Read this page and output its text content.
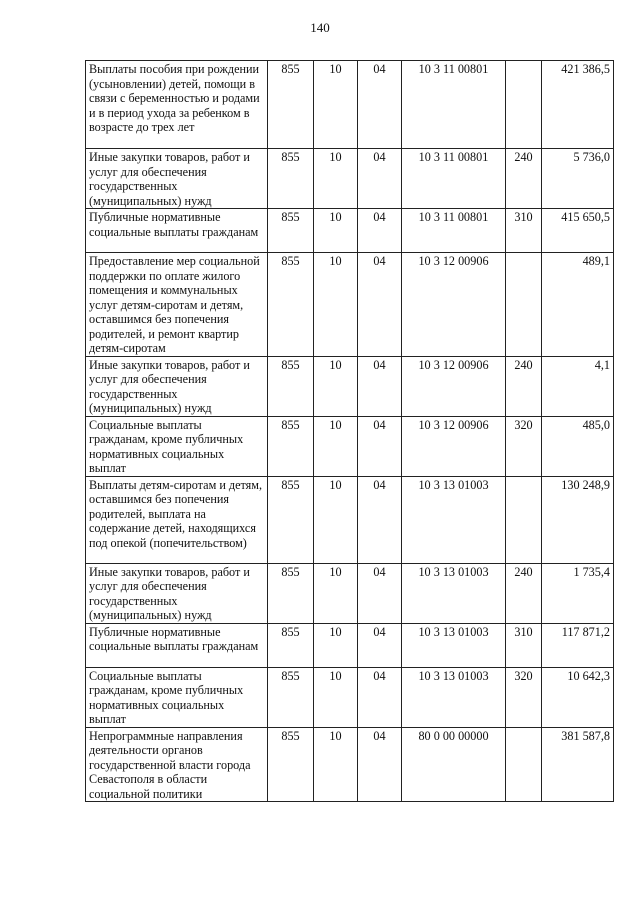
140
Выплаты пособия при рождении (усыновлении) детей, помощи в связи с беременностью и родами и в период ухода за ребенком в возрасте до трех лет	855	10	04	10 3 11 00801		421 386,5
Иные закупки товаров, работ и услуг для обеспечения государственных (муниципальных) нужд	855	10	04	10 3 11 00801	240	5 736,0
Публичные нормативные социальные выплаты гражданам	855	10	04	10 3 11 00801	310	415 650,5
Предоставление мер социальной поддержки по оплате жилого помещения и коммунальных услуг детям-сиротам и детям, оставшимся без попечения родителей, и ремонт квартир детям-сиротам	855	10	04	10 3 12 00906		489,1
Иные закупки товаров, работ и услуг для обеспечения государственных (муниципальных) нужд	855	10	04	10 3 12 00906	240	4,1
Социальные выплаты гражданам, кроме публичных нормативных социальных выплат	855	10	04	10 3 12 00906	320	485,0
Выплаты детям-сиротам и детям, оставшимся без попечения родителей, выплата на содержание детей, находящихся под опекой (попечительством)	855	10	04	10 3 13 01003		130 248,9
Иные закупки товаров, работ и услуг для обеспечения государственных (муниципальных) нужд	855	10	04	10 3 13 01003	240	1 735,4
Публичные нормативные социальные выплаты гражданам	855	10	04	10 3 13 01003	310	117 871,2
Социальные выплаты гражданам, кроме публичных нормативных социальных выплат	855	10	04	10 3 13 01003	320	10 642,3
Непрограммные направления деятельности органов государственной власти города Севастополя в области социальной политики	855	10	04	80 0 00 00000		381 587,8
